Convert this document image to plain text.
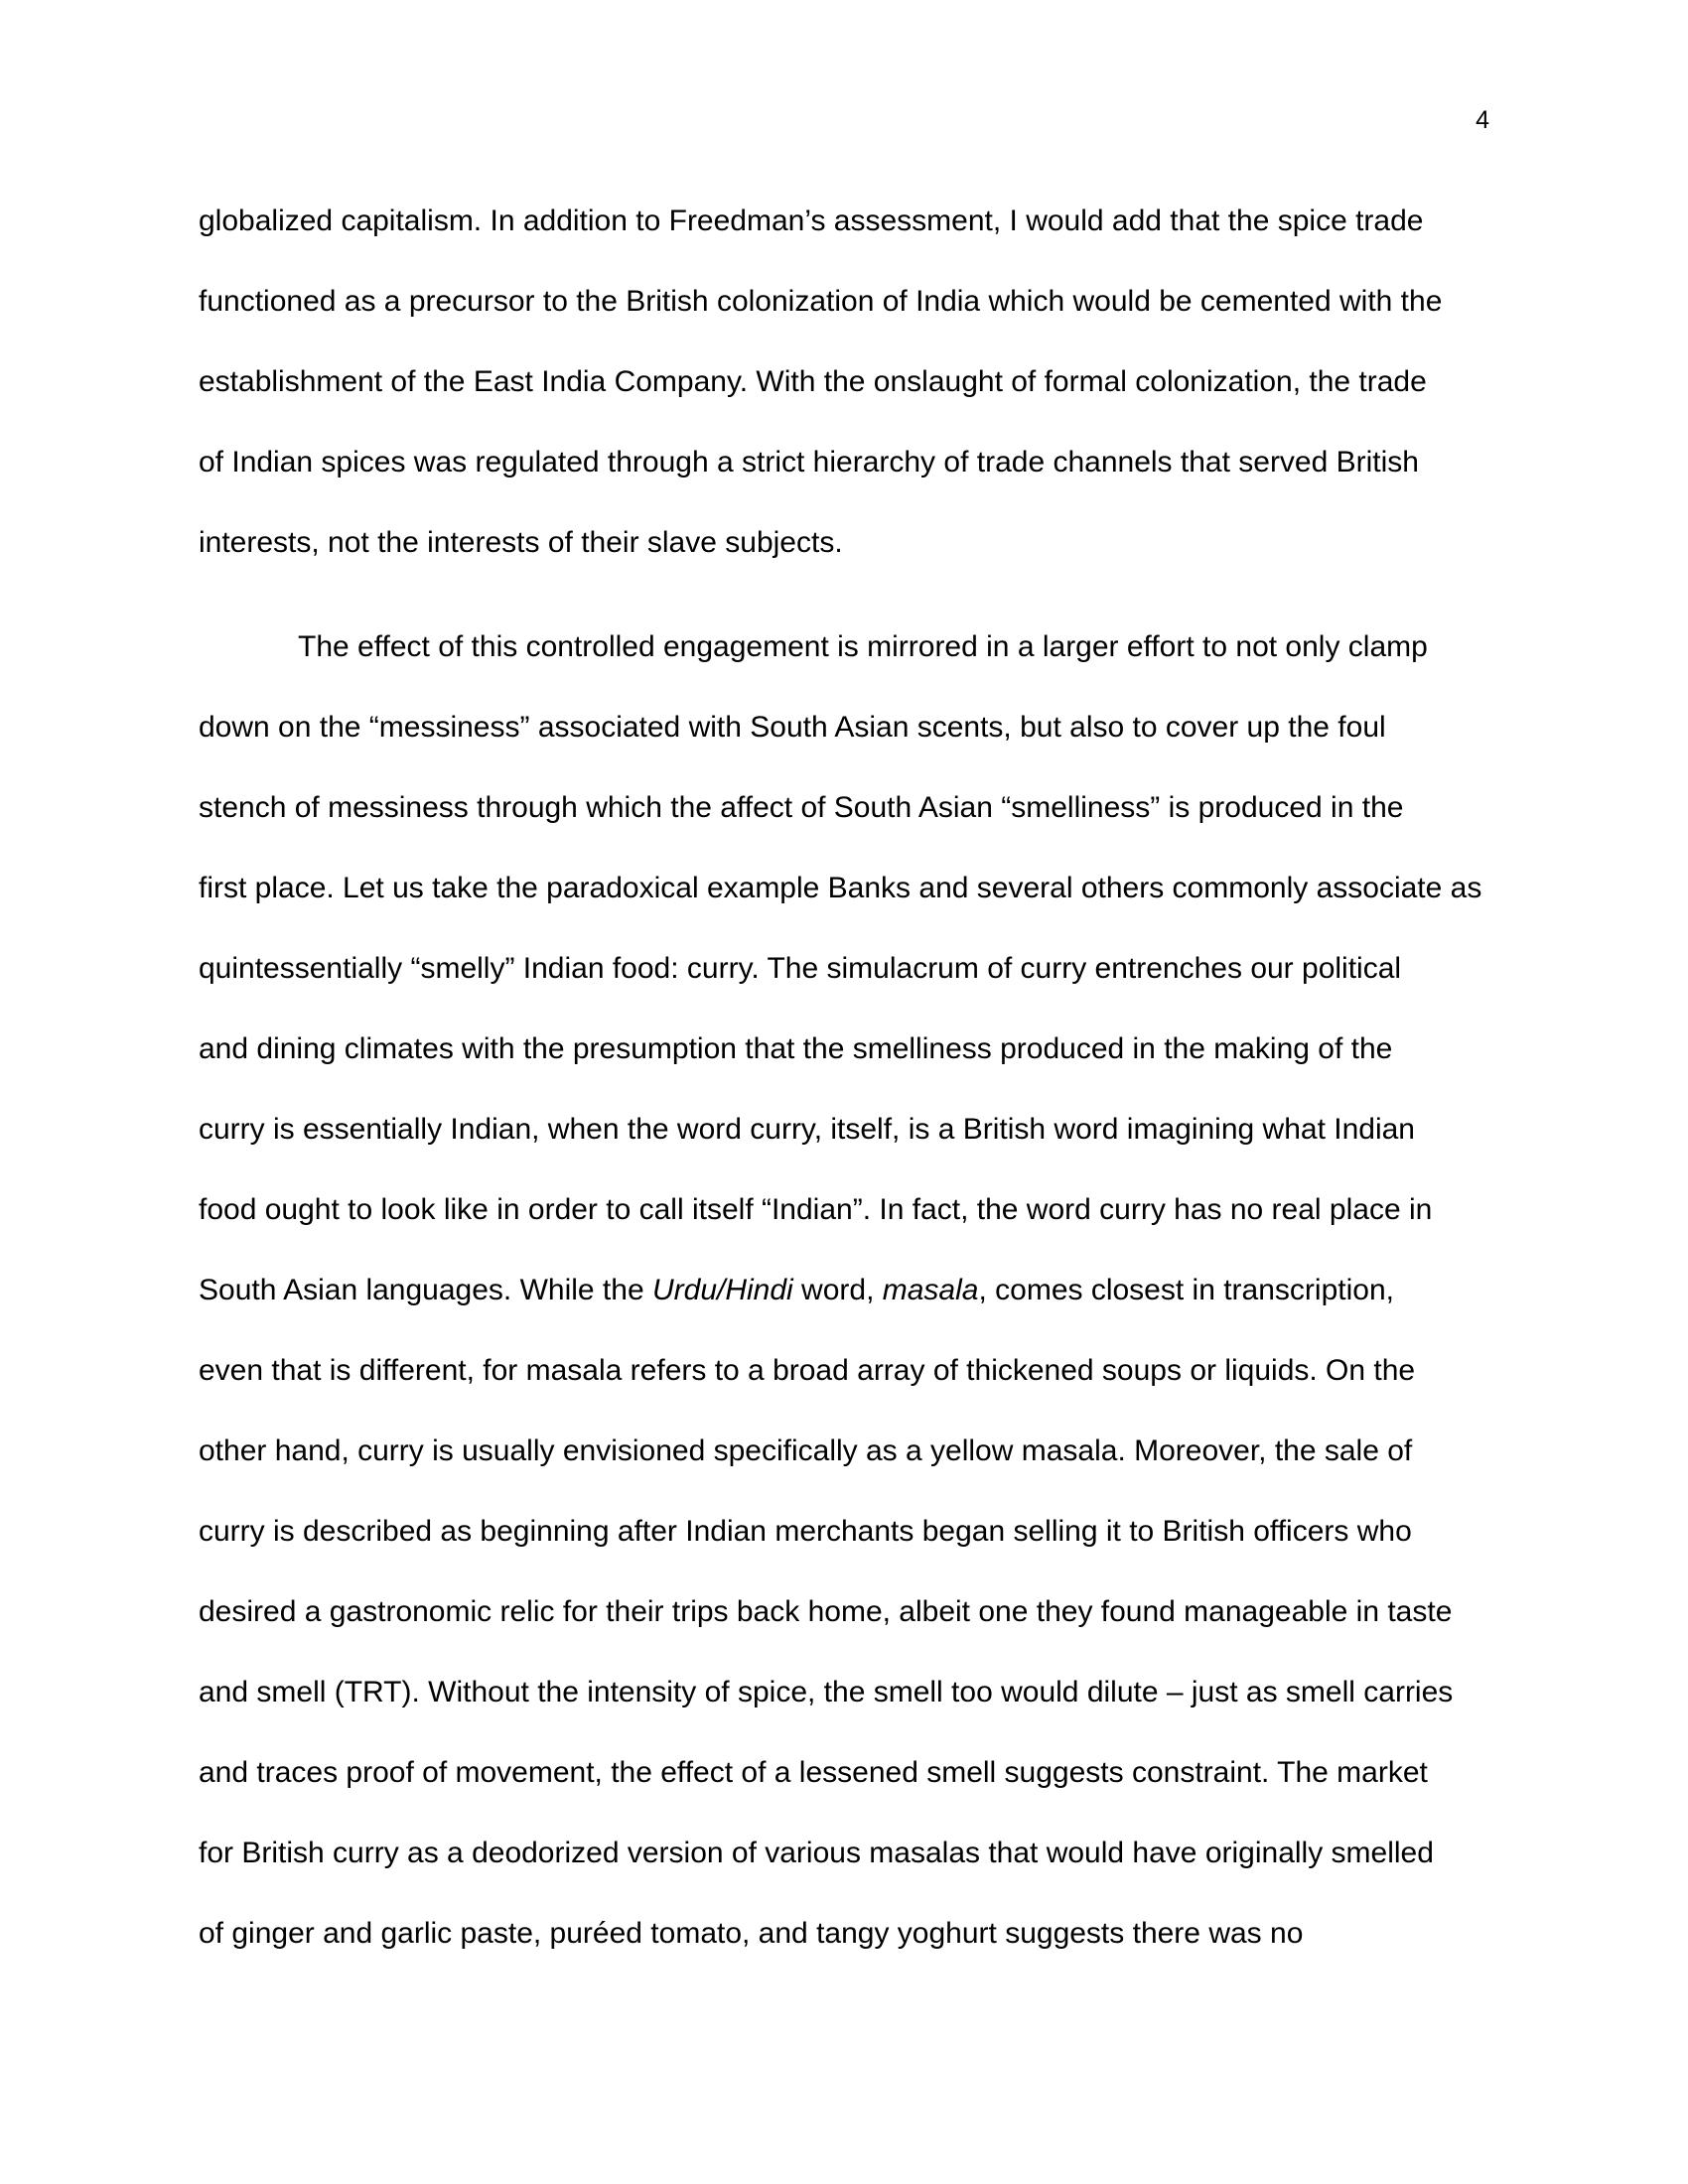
4
globalized capitalism. In addition to Freedman’s assessment, I would add that the spice trade
functioned as a precursor to the British colonization of India which would be cemented with the
establishment of the East India Company. With the onslaught of formal colonization, the trade
of Indian spices was regulated through a strict hierarchy of trade channels that served British
interests, not the interests of their slave subjects.
The effect of this controlled engagement is mirrored in a larger effort to not only clamp
down on the “messiness” associated with South Asian scents, but also to cover up the foul
stench of messiness through which the affect of South Asian “smelliness” is produced in the
first place. Let us take the paradoxical example Banks and several others commonly associate as
quintessentially “smelly” Indian food: curry. The simulacrum of curry entrenches our political
and dining climates with the presumption that the smelliness produced in the making of the
curry is essentially Indian, when the word curry, itself, is a British word imagining what Indian
food ought to look like in order to call itself “Indian”. In fact, the word curry has no real place in
South Asian languages. While the Urdu/Hindi word, masala, comes closest in transcription,
even that is different, for masala refers to a broad array of thickened soups or liquids. On the
other hand, curry is usually envisioned specifically as a yellow masala. Moreover, the sale of
curry is described as beginning after Indian merchants began selling it to British officers who
desired a gastronomic relic for their trips back home, albeit one they found manageable in taste
and smell (TRT). Without the intensity of spice, the smell too would dilute – just as smell carries
and traces proof of movement, the effect of a lessened smell suggests constraint. The market
for British curry as a deodorized version of various masalas that would have originally smelled
of ginger and garlic paste, puréed tomato, and tangy yoghurt suggests there was no
